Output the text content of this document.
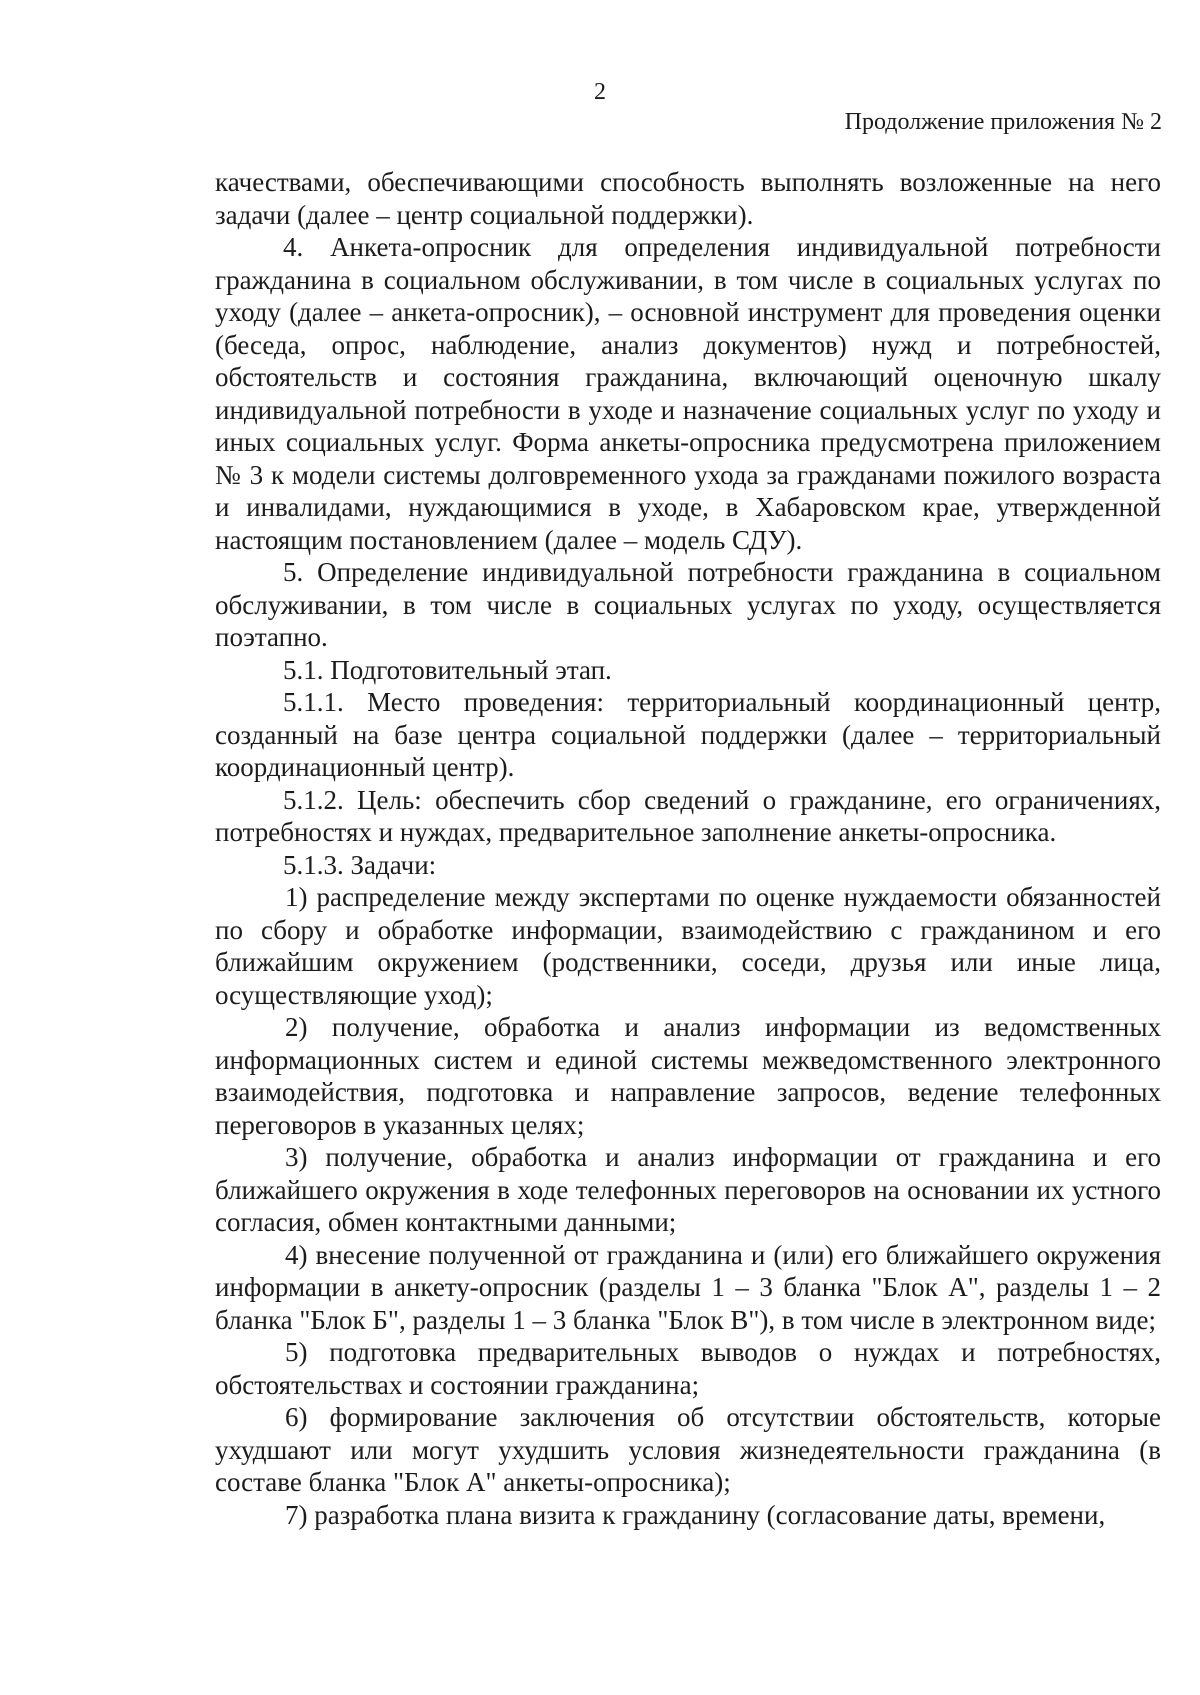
2
Продолжение приложения № 2

качествами, обеспечивающими способность выполнять возложенные на него задачи (далее – центр социальной поддержки).

4. Анкета-опросник для определения индивидуальной потребности гражданина в социальном обслуживании, в том числе в социальных услугах по уходу (далее – анкета-опросник), – основной инструмент для проведения оценки (беседа, опрос, наблюдение, анализ документов) нужд и потребностей, обстоятельств и состояния гражданина, включающий оценочную шкалу индивидуальной потребности в уходе и назначение социальных услуг по уходу и иных социальных услуг. Форма анкеты-опросника предусмотрена приложением № 3 к модели системы долговременного ухода за гражданами пожилого возраста и инвалидами, нуждающимися в уходе, в Хабаровском крае, утвержденной настоящим постановлением (далее – модель СДУ).

5. Определение индивидуальной потребности гражданина в социальном обслуживании, в том числе в социальных услугах по уходу, осуществляется поэтапно.

5.1. Подготовительный этап.

5.1.1. Место проведения: территориальный координационный центр, созданный на базе центра социальной поддержки (далее – территориальный координационный центр).

5.1.2. Цель: обеспечить сбор сведений о гражданине, его ограничениях, потребностях и нуждах, предварительное заполнение анкеты-опросника.

5.1.3. Задачи:

1) распределение между экспертами по оценке нуждаемости обязанностей по сбору и обработке информации, взаимодействию с гражданином и его ближайшим окружением (родственники, соседи, друзья или иные лица, осуществляющие уход);

2) получение, обработка и анализ информации из ведомственных информационных систем и единой системы межведомственного электронного взаимодействия, подготовка и направление запросов, ведение телефонных переговоров в указанных целях;

3) получение, обработка и анализ информации от гражданина и его ближайшего окружения в ходе телефонных переговоров на основании их устного согласия, обмен контактными данными;

4) внесение полученной от гражданина и (или) его ближайшего окружения информации в анкету-опросник (разделы 1 – 3 бланка "Блок А", разделы 1 – 2 бланка "Блок Б", разделы 1 – 3 бланка "Блок В"), в том числе в электронном виде;

5) подготовка предварительных выводов о нуждах и потребностях, обстоятельствах и состоянии гражданина;

6) формирование заключения об отсутствии обстоятельств, которые ухудшают или могут ухудшить условия жизнедеятельности гражданина (в составе бланка "Блок А" анкеты-опросника);

7) разработка плана визита к гражданину (согласование даты, времени,
